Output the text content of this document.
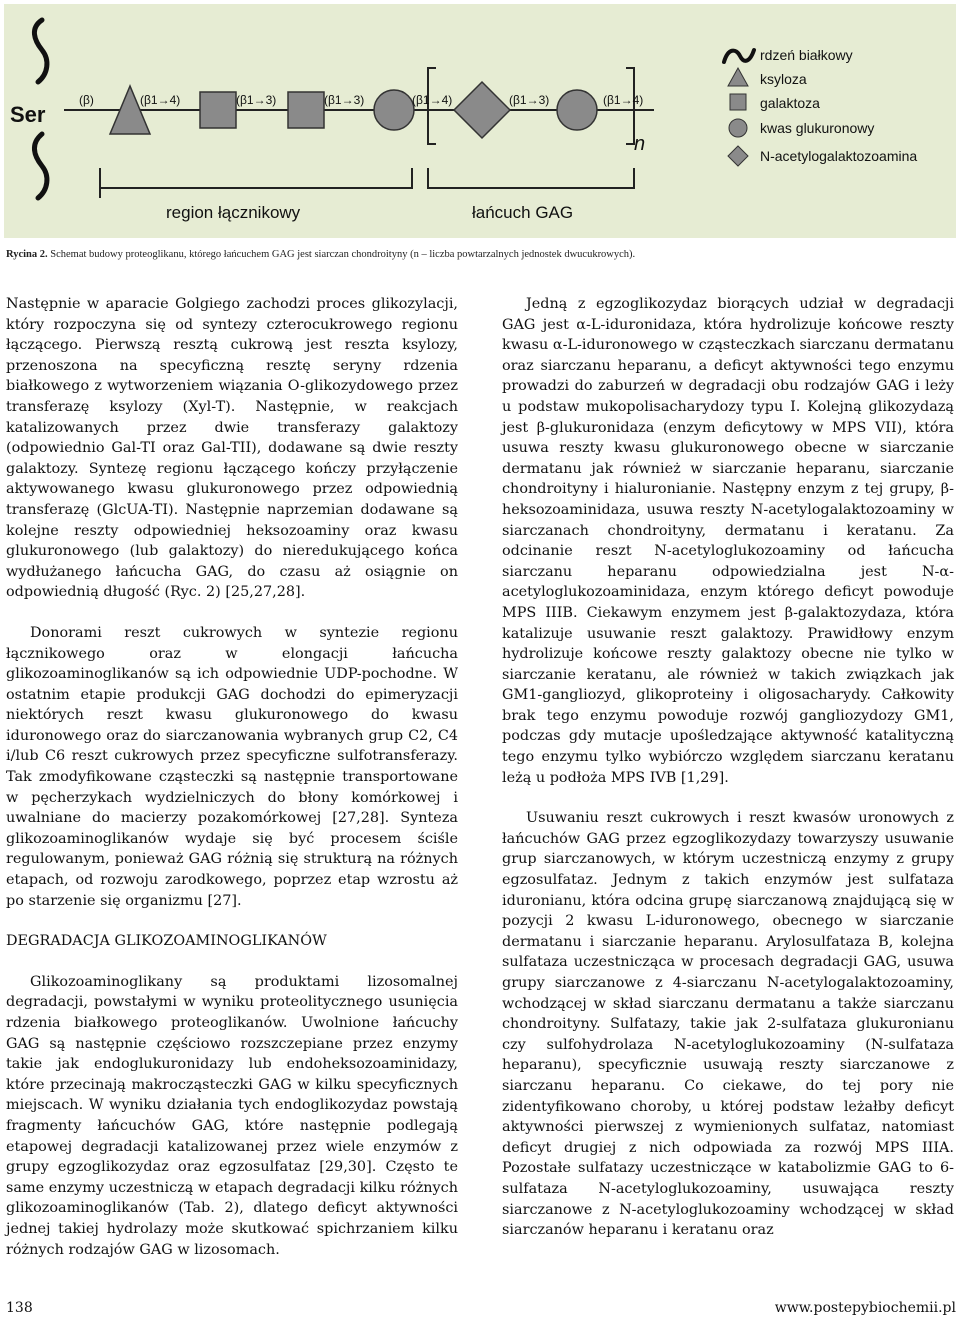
Ser
n
(β)	(β1→4)	(β1→3)	(β1→3)	(β1→4)	(β1→3)	(β1→4)
region łącznikowy	łańcuch GAG
rdzeń białkowy
ksyloza
galaktoza
kwas glukuronowy
N-acetylogalaktozoamina
Rycina 2. Schemat budowy proteoglikanu, którego łańcuchem GAG jest siarczan chondroityny (n – liczba powtarzalnych jednostek dwucukrowych).

Następnie w aparacie Golgiego zachodzi proces glikozylacji, który rozpoczyna się od syntezy czterocukrowego regionu łączącego. Pierwszą resztą cukrową jest reszta ksylozy, przenoszona na specyficzną resztę seryny rdzenia białkowego z wytworzeniem wiązania O-glikozydowego przez transferazę ksylozy (Xyl-T). Następnie, w reakcjach katalizowanych przez dwie transferazy galaktozy (odpowiednio Gal-TI oraz Gal-TII), dodawane są dwie reszty galaktozy. Syntezę regionu łączącego kończy przyłączenie aktywowanego kwasu glukuronowego przez odpowiednią transferazę (GlcUA-TI). Następnie naprzemian dodawane są kolejne reszty odpowiedniej heksozoaminy oraz kwasu glukuronowego (lub galaktozy) do nieredukującego końca wydłużanego łańcucha GAG, do czasu aż osiągnie on odpowiednią długość (Ryc. 2) [25,27,28].

Donorami reszt cukrowych w syntezie regionu łącznikowego oraz w elongacji łańcucha glikozoaminoglikanów są ich odpowiednie UDP-pochodne. W ostatnim etapie produkcji GAG dochodzi do epimeryzacji niektórych reszt kwasu glukuronowego do kwasu iduronowego oraz do siarczanowania wybranych grup C2, C4 i/lub C6 reszt cukrowych przez specyficzne sulfotransferazy. Tak zmodyfikowane cząsteczki są następnie transportowane w pęcherzykach wydzielniczych do błony komórkowej i uwalniane do macierzy pozakomórkowej [27,28]. Synteza glikozoaminoglikanów wydaje się być procesem ściśle regulowanym, ponieważ GAG różnią się strukturą na różnych etapach, od rozwoju zarodkowego, poprzez etap wzrostu aż po starzenie się organizmu [27].

DEGRADACJA GLIKOZOAMINOGLIKANÓW

Glikozoaminoglikany są produktami lizosomalnej degradacji, powstałymi w wyniku proteolitycznego usunięcia rdzenia białkowego proteoglikanów. Uwolnione łańcuchy GAG są następnie częściowo rozszczepiane przez enzymy takie jak endoglukuronidazy lub endoheksozoaminidazy, które przecinają makrocząsteczki GAG w kilku specyficznych miejscach. W wyniku działania tych endoglikozydaz powstają fragmenty łańcuchów GAG, które następnie podlegają etapowej degradacji katalizowanej przez wiele enzymów z grupy egzoglikozydaz oraz egzosulfataz [29,30]. Często te same enzymy uczestniczą w etapach degradacji kilku różnych glikozoaminoglikanów (Tab. 2), dlatego deficyt aktywności jednej takiej hydrolazy może skutkować spichrzaniem kilku różnych rodzajów GAG w lizosomach.

Jedną z egzoglikozydaz biorących udział w degradacji GAG jest α-L-iduronidaza, która hydrolizuje końcowe reszty kwasu α-L-iduronowego w cząsteczkach siarczanu dermatanu oraz siarczanu heparanu, a deficyt aktywności tego enzymu prowadzi do zaburzeń w degradacji obu rodzajów GAG i leży u podstaw mukopolisacharydozy typu I. Kolejną glikozydazą jest β-glukuronidaza (enzym deficytowy w MPS VII), która usuwa reszty kwasu glukuronowego obecne w siarczanie dermatanu jak również w siarczanie heparanu, siarczanie chondroityny i hialuronianie. Następny enzym z tej grupy, β-heksozoaminidaza, usuwa reszty N-acetylogalaktozoaminy w siarczanach chondroityny, dermatanu i keratanu. Za odcinanie reszt N-acetyloglukozoaminy od łańcucha siarczanu heparanu odpowiedzialna jest N-α-acetyloglukozoaminidaza, enzym którego deficyt powoduje MPS IIIB. Ciekawym enzymem jest β-galaktozydaza, która katalizuje usuwanie reszt galaktozy. Prawidłowy enzym hydrolizuje końcowe reszty galaktozy obecne nie tylko w siarczanie keratanu, ale również w takich związkach jak GM1-gangliozyd, glikoproteiny i oligosacharydy. Całkowity brak tego enzymu powoduje rozwój gangliozydozy GM1, podczas gdy mutacje upośledzające aktywność katalityczną tego enzymu tylko wybiórczo względem siarczanu keratanu leżą u podłoża MPS IVB [1,29].

Usuwaniu reszt cukrowych i reszt kwasów uronowych z łańcuchów GAG przez egzoglikozydazy towarzyszy usuwanie grup siarczanowych, w którym uczestniczą enzymy z grupy egzosulfataz. Jednym z takich enzymów jest sulfataza iduronianu, która odcina grupę siarczanową znajdującą się w pozycji 2 kwasu L-iduronowego, obecnego w siarczanie dermatanu i siarczanie heparanu. Arylosulfataza B, kolejna sulfataza uczestnicząca w procesach degradacji GAG, usuwa grupy siarczanowe z 4-siarczanu N-acetylogalaktozoaminy, wchodzącej w skład siarczanu dermatanu a także siarczanu chondroityny. Sulfatazy, takie jak 2-sulfataza glukuronianu czy sulfohydrolaza N-acetyloglukozoaminy (N-sulfataza heparanu), specyficznie usuwają reszty siarczanowe z siarczanu heparanu. Co ciekawe, do tej pory nie zidentyfikowano choroby, u której podstaw leżałby deficyt aktywności pierwszej z wymienionych sulfataz, natomiast deficyt drugiej z nich odpowiada za rozwój MPS IIIA. Pozostałe sulfatazy uczestniczące w katabolizmie GAG to 6-sulfataza N-acetyloglukozoaminy, usuwająca reszty siarczanowe z N-acetyloglukozoaminy wchodzącej w skład siarczanów heparanu i keratanu oraz

138	www.postepybiochemii.pl
